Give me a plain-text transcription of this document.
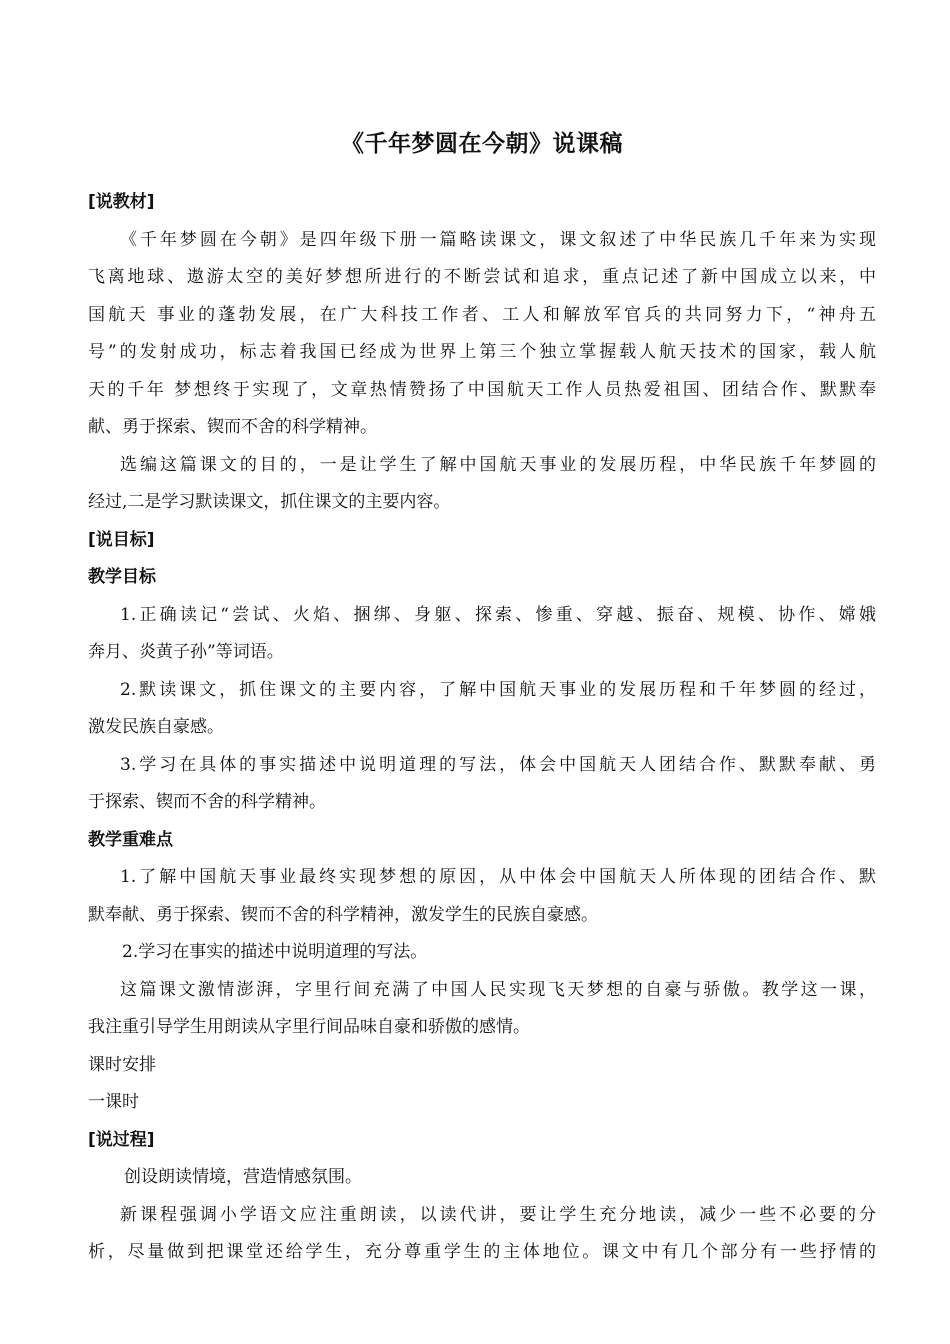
《千年梦圆在今朝》说课稿
[说教材]
《千年梦圆在今朝》是四年级下册一篇略读课文，课文叙述了中华民族几千年来为实现
飞离地球、遨游太空的美好梦想所进行的不断尝试和追求，重点记述了新中国成立以来，中
国航天 事业的蓬勃发展，在广大科技工作者、工人和解放军官兵的共同努力下，“神舟五
号”的发射成功，标志着我国已经成为世界上第三个独立掌握载人航天技术的国家，载人航
天的千年 梦想终于实现了，文章热情赞扬了中国航天工作人员热爱祖国、团结合作、默默奉
献、勇于探索、锲而不舍的科学精神。
选编这篇课文的目的，一是让学生了解中国航天事业的发展历程，中华民族千年梦圆的
经过,二是学习默读课文，抓住课文的主要内容。
[说目标]
教学目标
1.正确读记“尝试、火焰、捆绑、身躯、探索、惨重、穿越、振奋、规模、协作、嫦娥
奔月、炎黄子孙”等词语。
2.默读课文，抓住课文的主要内容，了解中国航天事业的发展历程和千年梦圆的经过，
激发民族自豪感。
3.学习在具体的事实描述中说明道理的写法，体会中国航天人团结合作、默默奉献、勇
于探索、锲而不舍的科学精神。
教学重难点
1.了解中国航天事业最终实现梦想的原因，从中体会中国航天人所体现的团结合作、默
默奉献、勇于探索、锲而不舍的科学精神，激发学生的民族自豪感。
2.学习在事实的描述中说明道理的写法。
这篇课文激情澎湃，字里行间充满了中国人民实现飞天梦想的自豪与骄傲。教学这一课，
我注重引导学生用朗读从字里行间品味自豪和骄傲的感情。
课时安排
一课时
[说过程]
创设朗读情境，营造情感氛围。
新课程强调小学语文应注重朗读，以读代讲，要让学生充分地读，减少一些不必要的分
析，尽量做到把课堂还给学生，充分尊重学生的主体地位。课文中有几个部分有一些抒情的
